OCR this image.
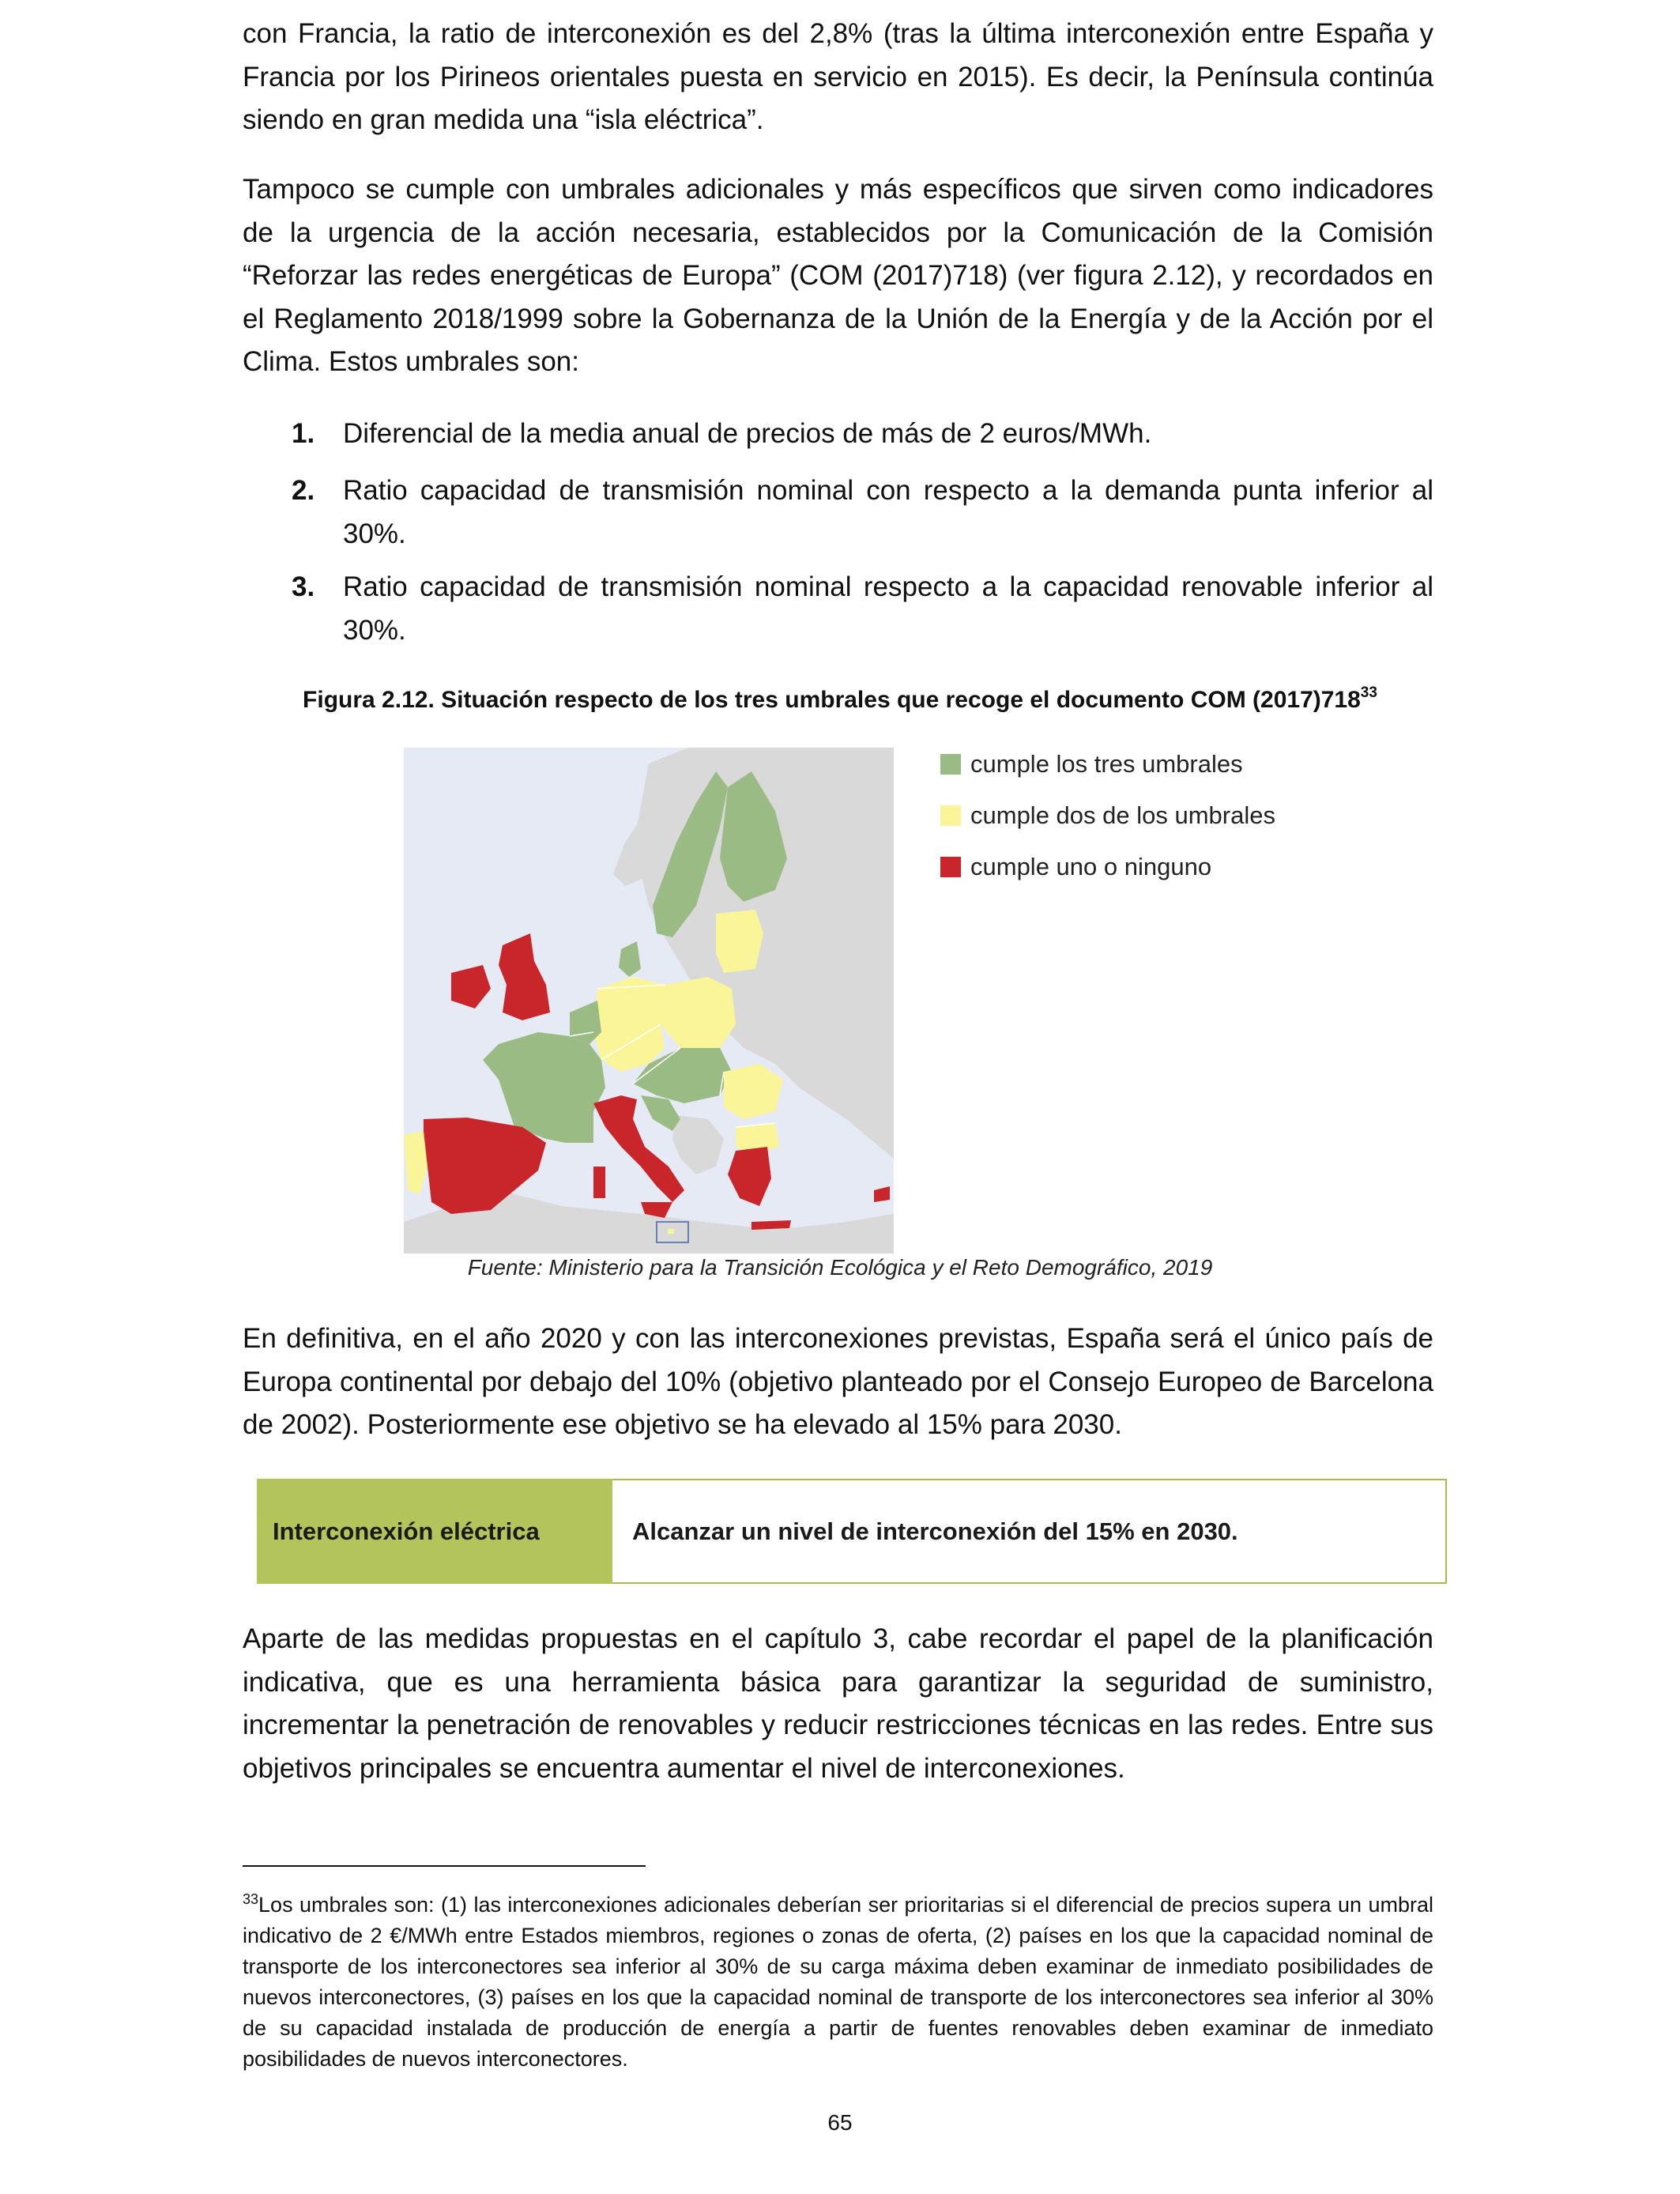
con Francia, la ratio de interconexión es del 2,8% (tras la última interconexión entre España y Francia por los Pirineos orientales puesta en servicio en 2015). Es decir, la Península continúa siendo en gran medida una “isla eléctrica”.

Tampoco se cumple con umbrales adicionales y más específicos que sirven como indicadores de la urgencia de la acción necesaria, establecidos por la Comunicación de la Comisión “Reforzar las redes energéticas de Europa” (COM (2017)718) (ver figura 2.12), y recordados en el Reglamento 2018/1999 sobre la Gobernanza de la Unión de la Energía y de la Acción por el Clima. Estos umbrales son:

1. Diferencial de la media anual de precios de más de 2 euros/MWh.
2. Ratio capacidad de transmisión nominal con respecto a la demanda punta inferior al 30%.
3. Ratio capacidad de transmisión nominal respecto a la capacidad renovable inferior al 30%.

Figura 2.12. Situación respecto de los tres umbrales que recoge el documento COM $(2017)718^{33}$

cumple los tres umbrales
cumple dos de los umbrales
cumple uno o ninguno

Fuente: Ministerio para la Transición Ecológica y el Reto Demográfico, 2019

En definitiva, en el año 2020 y con las interconexiones previstas, España será el único país de Europa continental por debajo del 10% (objetivo planteado por el Consejo Europeo de Barcelona de 2002). Posteriormente ese objetivo se ha elevado al 15% para 2030.

Interconexión eléctrica	Alcanzar un nivel de interconexión del 15% en 2030.

Aparte de las medidas propuestas en el capítulo 3, cabe recordar el papel de la planificación indicativa, que es una herramienta básica para garantizar la seguridad de suministro, incrementar la penetración de renovables y reducir restricciones técnicas en las redes. Entre sus objetivos principales se encuentra aumentar el nivel de interconexiones.

$^{33}$Los umbrales son: (1) las interconexiones adicionales deberían ser prioritarias si el diferencial de precios supera un umbral indicativo de 2 €/MWh entre Estados miembros, regiones o zonas de oferta, (2) países en los que la capacidad nominal de transporte de los interconectores sea inferior al 30% de su carga máxima deben examinar de inmediato posibilidades de nuevos interconectores, (3) países en los que la capacidad nominal de transporte de los interconectores sea inferior al 30% de su capacidad instalada de producción de energía a partir de fuentes renovables deben examinar de inmediato posibilidades de nuevos interconectores.

65
